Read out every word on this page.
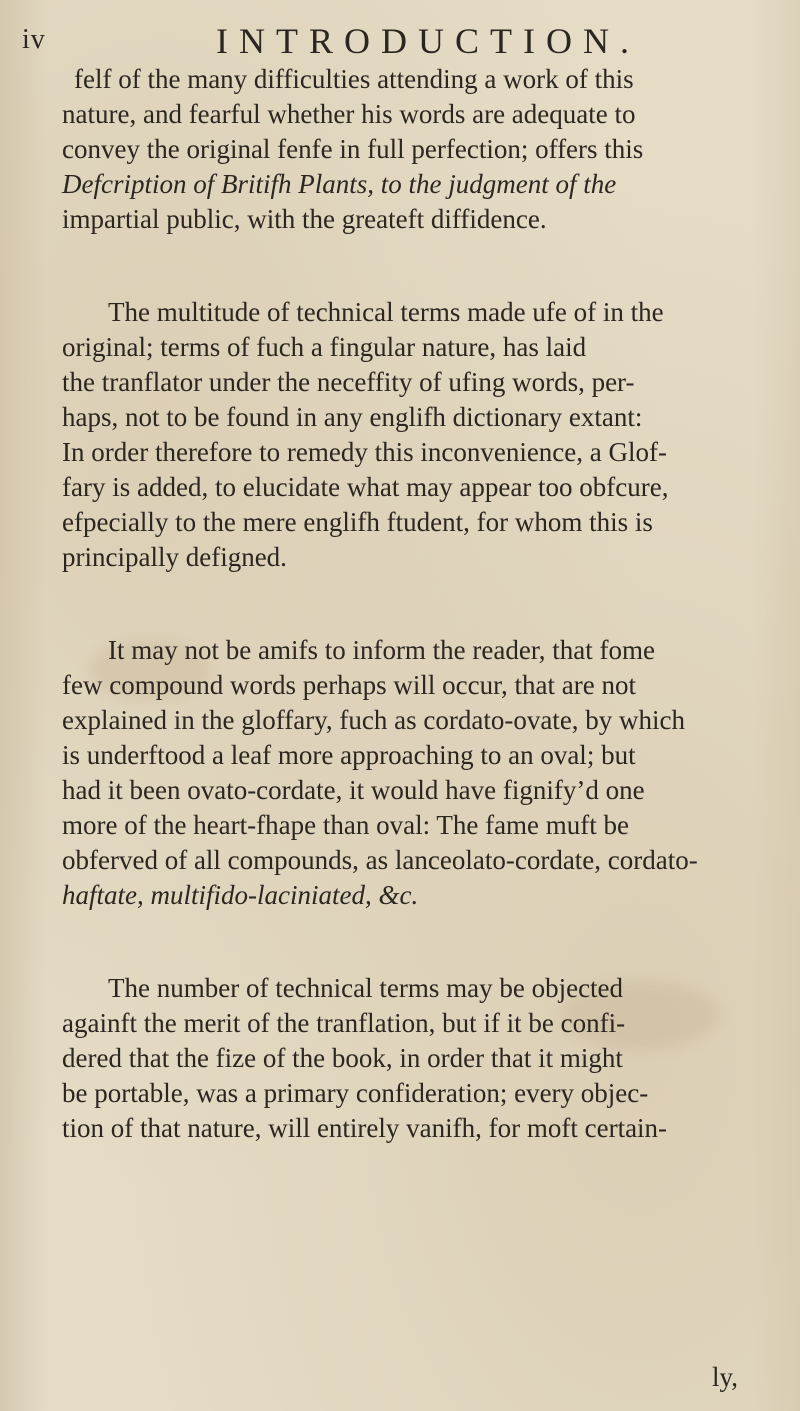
iv	INTRODUCTION.

felf of the many difficulties attending a work of this
nature, and fearful whether his words are adequate to
convey the original fenfe in full perfection; offers this
Defcription of Britifh Plants, to the judgment of the
impartial public, with the greateft diffidence.

The multitude of technical terms made ufe of in the
original; terms of fuch a fingular nature, has laid
the tranflator under the neceffity of ufing words, per-
haps, not to be found in any englifh dictionary extant:
In order therefore to remedy this inconvenience, a Glof-
fary is added, to elucidate what may appear too obfcure,
efpecially to the mere englifh ftudent, for whom this is
principally defigned.

It may not be amifs to inform the reader, that fome
few compound words perhaps will occur, that are not
explained in the gloffary, fuch as cordato-ovate, by which
is underftood a leaf more approaching to an oval; but
had it been ovato-cordate, it would have fignify’d one
more of the heart-fhape than oval: The fame muft be
obferved of all compounds, as lanceolato-cordate, cordato-
haftate, multifido-laciniated, &c.

The number of technical terms may be objected
againft the merit of the tranflation, but if it be confi-
dered that the fize of the book, in order that it might
be portable, was a primary confideration; every objec-
tion of that nature, will entirely vanifh, for moft certain-

ly,
